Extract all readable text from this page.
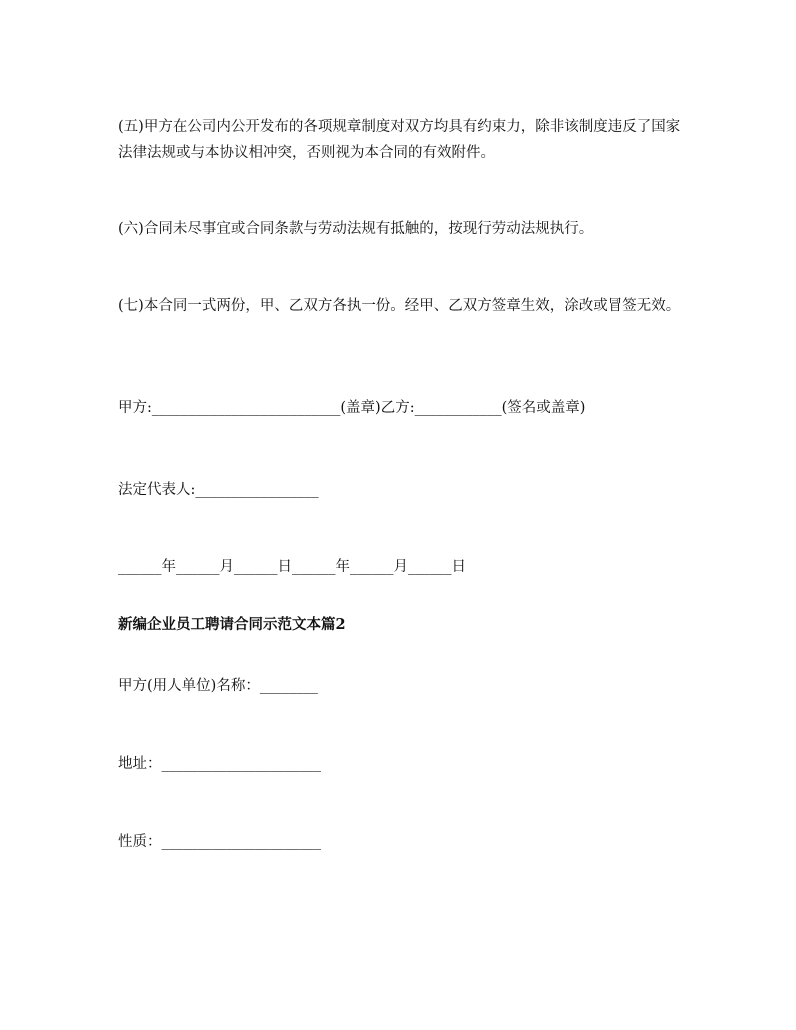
(五)甲方在公司内公开发布的各项规章制度对双方均具有约束力，除非该制度违反了国家法律法规或与本协议相冲突，否则视为本合同的有效附件。

(六)合同未尽事宜或合同条款与劳动法规有抵触的，按现行劳动法规执行。

(七)本合同一式两份，甲、乙双方各执一份。经甲、乙双方签章生效，涂改或冒签无效。

甲方:__________________________(盖章)乙方:____________(签名或盖章)

法定代表人:_________________

______年______月______日______年______月______日

新编企业员工聘请合同示范文本篇2

甲方(用人单位)名称：________

地址：______________________

性质：______________________
